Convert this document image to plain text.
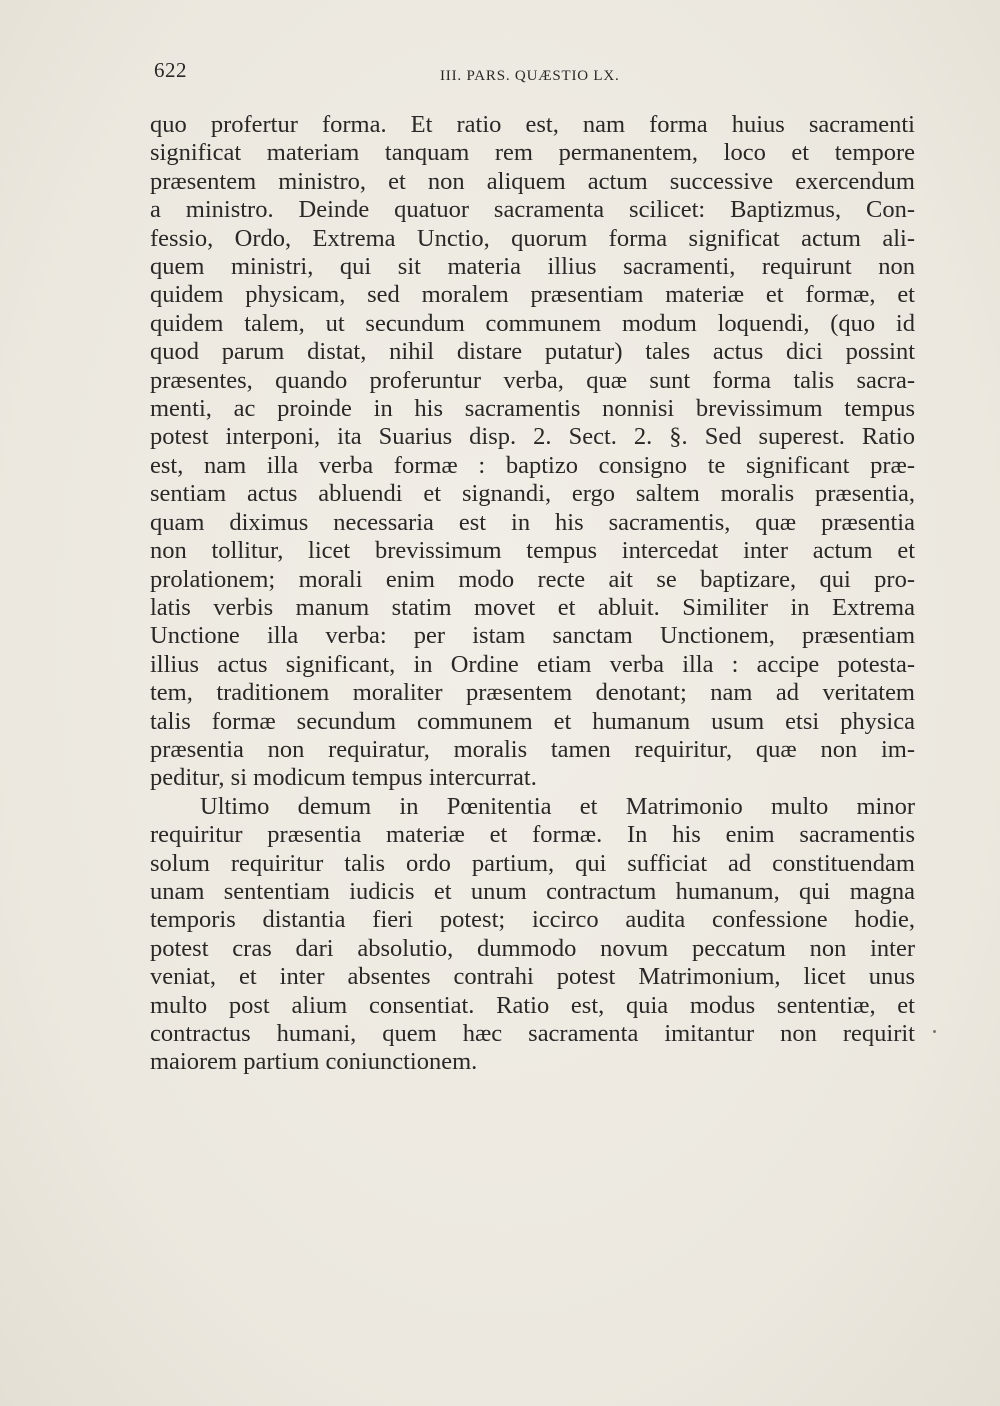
622	III. PARS. QUÆSTIO LX.
quo profertur forma. Et ratio est, nam forma huius sacramenti
significat materiam tanquam rem permanentem, loco et tempore
præsentem ministro, et non aliquem actum successive exercendum
a ministro. Deinde quatuor sacramenta scilicet: Baptizmus, Con-
fessio, Ordo, Extrema Unctio, quorum forma significat actum ali-
quem ministri, qui sit materia illius sacramenti, requirunt non
quidem physicam, sed moralem præsentiam materiæ et formæ, et
quidem talem, ut secundum communem modum loquendi, (quo id
quod parum distat, nihil distare putatur) tales actus dici possint
præsentes, quando proferuntur verba, quæ sunt forma talis sacra-
menti, ac proinde in his sacramentis nonnisi brevissimum tempus
potest interponi, ita Suarius disp. 2. Sect. 2. §. Sed superest. Ratio
est, nam illa verba formæ : baptizo consigno te significant præ-
sentiam actus abluendi et signandi, ergo saltem moralis præsentia,
quam diximus necessaria est in his sacramentis, quæ præsentia
non tollitur, licet brevissimum tempus intercedat inter actum et
prolationem; morali enim modo recte ait se baptizare, qui pro-
latis verbis manum statim movet et abluit. Similiter in Extrema
Unctione illa verba: per istam sanctam Unctionem, præsentiam
illius actus significant, in Ordine etiam verba illa : accipe potesta-
tem, traditionem moraliter præsentem denotant; nam ad veritatem
talis formæ secundum communem et humanum usum etsi physica
præsentia non requiratur, moralis tamen requiritur, quæ non im-
peditur, si modicum tempus intercurrat.
Ultimo demum in Pœnitentia et Matrimonio multo minor
requiritur præsentia materiæ et formæ. In his enim sacramentis
solum requiritur talis ordo partium, qui sufficiat ad constituendam
unam sententiam iudicis et unum contractum humanum, qui magna
temporis distantia fieri potest; iccirco audita confessione hodie,
potest cras dari absolutio, dummodo novum peccatum non inter
veniat, et inter absentes contrahi potest Matrimonium, licet unus
multo post alium consentiat. Ratio est, quia modus sententiæ, et
contractus humani, quem hæc sacramenta imitantur non requirit
maiorem partium coniunctionem.
